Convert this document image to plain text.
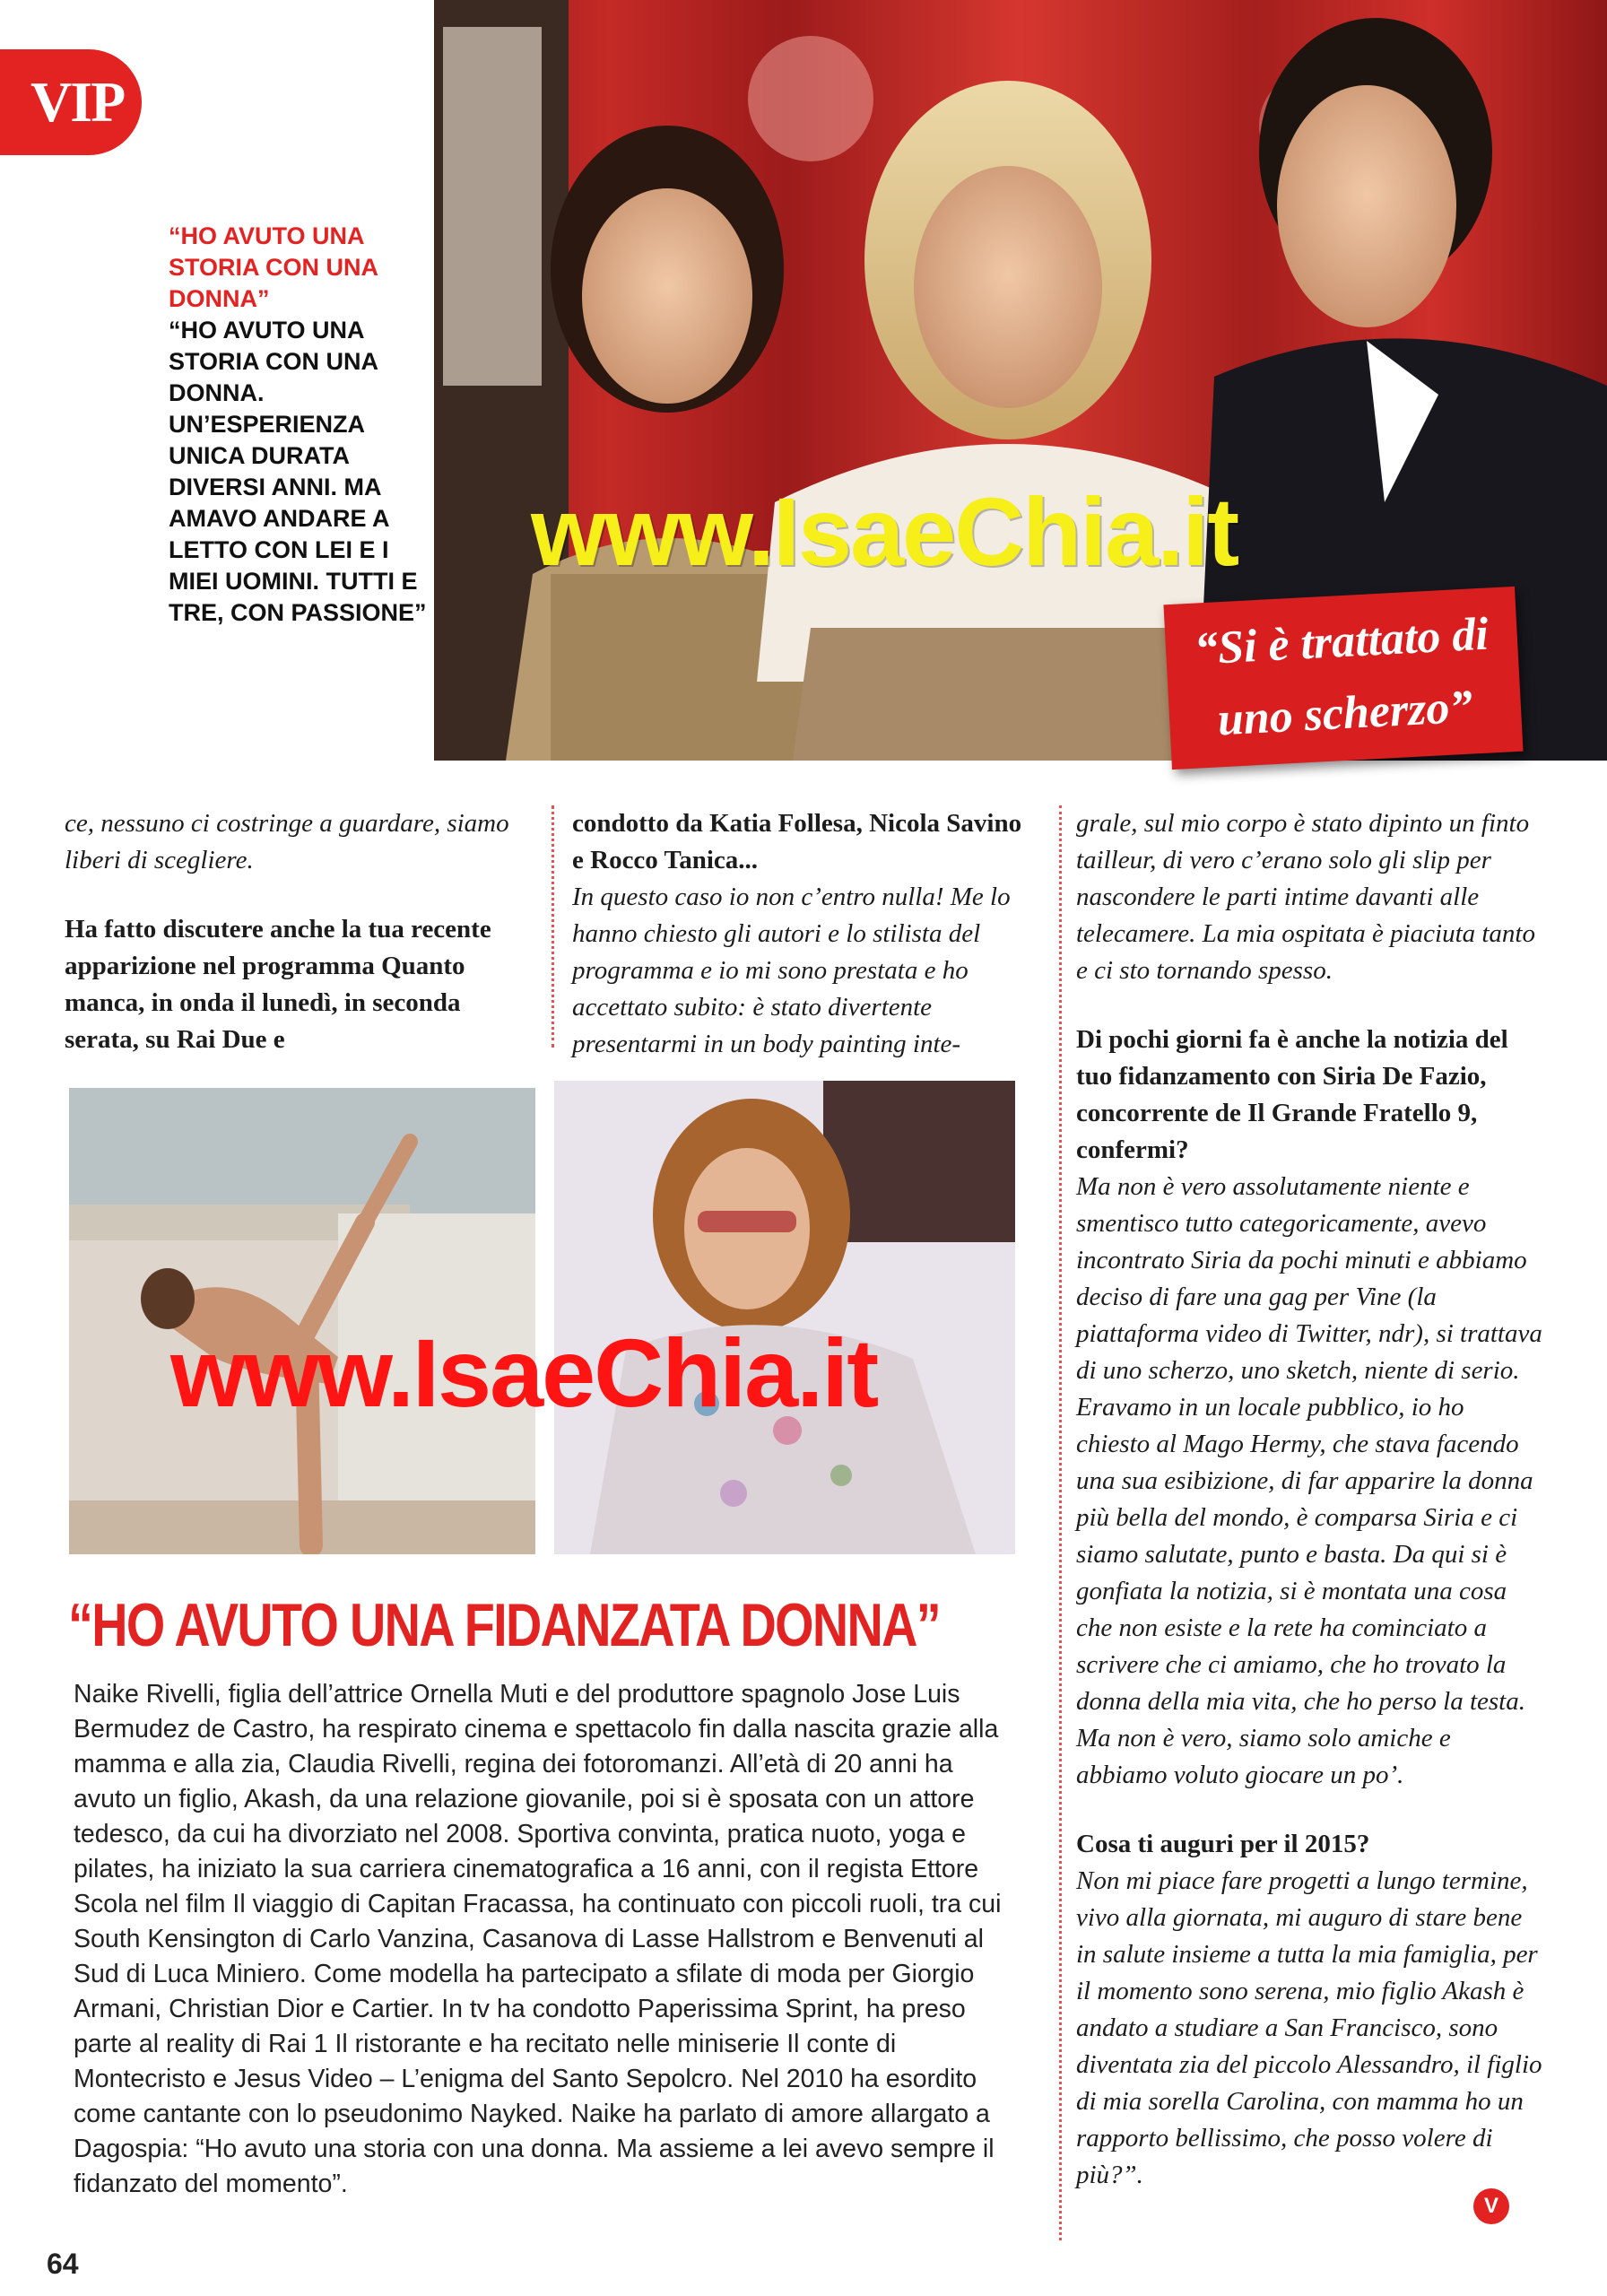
VIP
“HO AVUTO UNA STORIA CON UNA DONNA”
“HO AVUTO UNA STORIA CON UNA DONNA. UN’ESPERIENZA UNICA DURATA DIVERSI ANNI. MA AMAVO ANDARE A LETTO CON LEI E I MIEI UOMINI. TUTTI E TRE, CON PASSIONE”	“Si è trattato di uno scherzo”
www.IsaeChia.it

ce, nessuno ci costringe a guardare, siamo liberi di scegliere.

Ha fatto discutere anche la tua recente apparizione nel programma Quanto manca, in onda il lunedì, in seconda serata, su Rai Due e

condotto da Katia Follesa, Nicola Savino e Rocco Tanica...
In questo caso io non c’entro nulla! Me lo hanno chiesto gli autori e lo stilista del programma e io mi sono prestata e ho accettato subito: è stato divertente presentarmi in un body painting inte-

grale, sul mio corpo è stato dipinto un finto tailleur, di vero c’erano solo gli slip per nascondere le parti intime davanti alle telecamere. La mia ospitata è piaciuta tanto e ci sto tornando spesso.

Di pochi giorni fa è anche la notizia del tuo fidanzamento con Siria De Fazio, concorrente de Il Grande Fratello 9, confermi?

Ma non è vero assolutamente niente e smentisco tutto categoricamente, avevo incontrato Siria da pochi minuti e abbiamo deciso di fare una gag per Vine (la piattaforma video di Twitter, ndr), si trattava di uno scherzo, uno sketch, niente di serio. Eravamo in un locale pubblico, io ho chiesto al Mago Hermy, che stava facendo una sua esibizione, di far apparire la donna più bella del mondo, è comparsa Siria e ci siamo salutate, punto e basta. Da qui si è gonfiata la notizia, si è montata una cosa che non esiste e la rete ha cominciato a scrivere che ci amiamo, che ho trovato la donna della mia vita, che ho perso la testa. Ma non è vero, siamo solo amiche e abbiamo voluto giocare un po’.

Cosa ti auguri per il 2015?
Non mi piace fare progetti a lungo termine, vivo alla giornata, mi auguro di stare bene in salute insieme a tutta la mia famiglia, per il momento sono serena, mio figlio Akash è andato a studiare a San Francisco, sono diventata zia del piccolo Alessandro, il figlio di mia sorella Carolina, con mamma ho un rapporto bellissimo, che posso volere di più?”.
www.IsaeChia.it
“HO AVUTO UNA FIDANZATA DONNA”
Naike Rivelli, figlia dell’attrice Ornella Muti e del produttore spagnolo Jose Luis Bermudez de Castro, ha respirato cinema e spettacolo fin dalla nascita grazie alla mamma e alla zia, Claudia Rivelli, regina dei fotoromanzi. All’età di 20 anni ha avuto un figlio, Akash, da una relazione giovanile, poi si è sposata con un attore tedesco, da cui ha divorziato nel 2008. Sportiva convinta, pratica nuoto, yoga e pilates, ha iniziato la sua carriera cinematografica a 16 anni, con il regista Ettore Scola nel film Il viaggio di Capitan Fracassa, ha continuato con piccoli ruoli, tra cui South Kensington di Carlo Vanzina, Casanova di Lasse Hallstrom e Benvenuti al Sud di Luca Miniero. Come modella ha partecipato a sfilate di moda per Giorgio Armani, Christian Dior e Cartier. In tv ha condotto Paperissima Sprint, ha preso parte al reality di Rai 1 Il ristorante e ha recitato nelle miniserie Il conte di Montecristo e Jesus Video – L’enigma del Santo Sepolcro. Nel 2010 ha esordito come cantante con lo pseudonimo Nayked. Naike ha parlato di amore allargato a Dagospia: “Ho avuto una storia con una donna. Ma assieme a lei avevo sempre il fidanzato del momento”.
64
V
